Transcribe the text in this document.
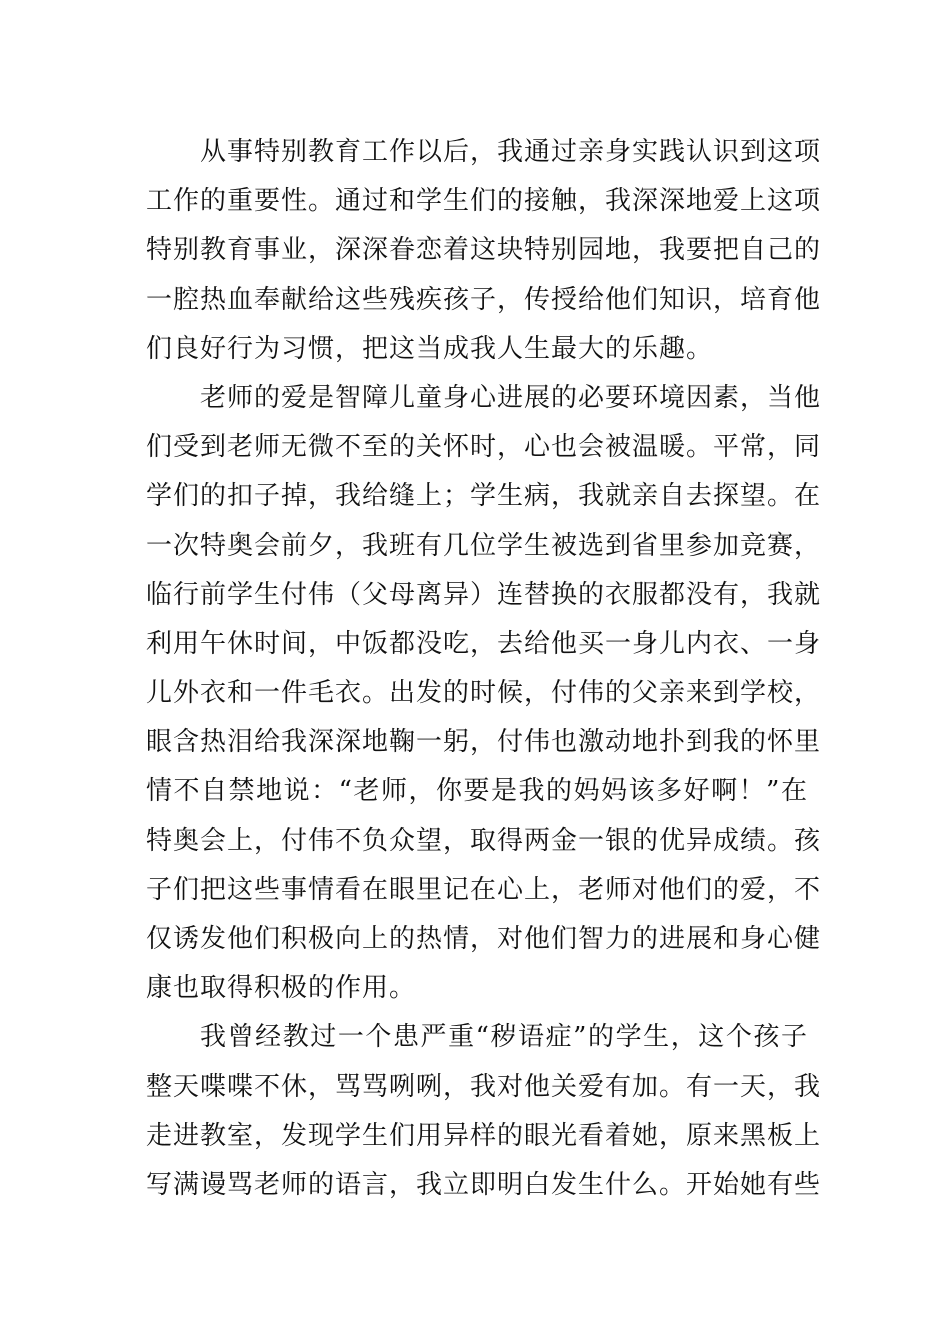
从事特别教育工作以后，我通过亲身实践认识到这项
工作的重要性。通过和学生们的接触，我深深地爱上这项
特别教育事业，深深眷恋着这块特别园地，我要把自己的
一腔热血奉献给这些残疾孩子，传授给他们知识，培育他
们良好行为习惯，把这当成我人生最大的乐趣。
老师的爱是智障儿童身心进展的必要环境因素，当他
们受到老师无微不至的关怀时，心也会被温暖。平常，同
学们的扣子掉，我给缝上；学生病，我就亲自去探望。在
一次特奥会前夕，我班有几位学生被选到省里参加竞赛，
临行前学生付伟（父母离异）连替换的衣服都没有，我就
利用午休时间，中饭都没吃，去给他买一身儿内衣、一身
儿外衣和一件毛衣。出发的时候，付伟的父亲来到学校，
眼含热泪给我深深地鞠一躬，付伟也激动地扑到我的怀里
情不自禁地说：“老师，你要是我的妈妈该多好啊！”在
特奥会上，付伟不负众望，取得两金一银的优异成绩。孩
子们把这些事情看在眼里记在心上，老师对他们的爱，不
仅诱发他们积极向上的热情，对他们智力的进展和身心健
康也取得积极的作用。
我曾经教过一个患严重“秽语症”的学生，这个孩子
整天喋喋不休，骂骂咧咧，我对他关爱有加。有一天，我
走进教室，发现学生们用异样的眼光看着她，原来黑板上
写满谩骂老师的语言，我立即明白发生什么。开始她有些
